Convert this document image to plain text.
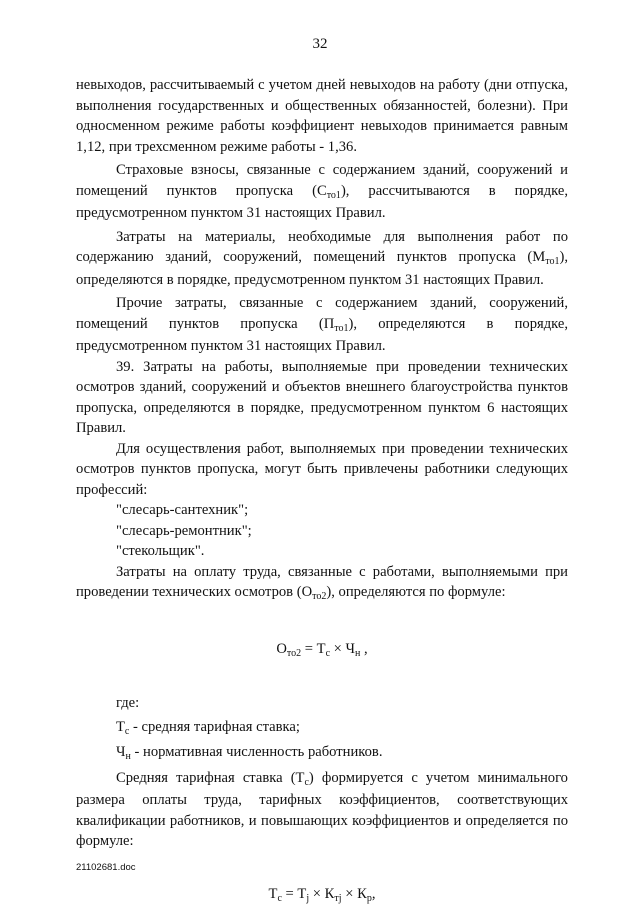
32

невыходов, рассчитываемый с учетом дней невыходов на работу (дни отпуска, выполнения государственных и общественных обязанностей, болезни). При односменном режиме работы коэффициент невыходов принимается равным 1,12, при трехсменном режиме работы - 1,36.

Страховые взносы, связанные с содержанием зданий, сооружений и помещений пунктов пропуска $(С_{то1})$, рассчитываются в порядке, предусмотренном пунктом 31 настоящих Правил.

Затраты на материалы, необходимые для выполнения работ по содержанию зданий, сооружений, помещений пунктов пропуска $(М_{то1})$, определяются в порядке, предусмотренном пунктом 31 настоящих Правил.

Прочие затраты, связанные с содержанием зданий, сооружений, помещений пунктов пропуска $(П_{то1})$, определяются в порядке, предусмотренном пунктом 31 настоящих Правил.

39. Затраты на работы, выполняемые при проведении технических осмотров зданий, сооружений и объектов внешнего благоустройства пунктов пропуска, определяются в порядке, предусмотренном пунктом 6 настоящих Правил.

Для осуществления работ, выполняемых при проведении технических осмотров пунктов пропуска, могут быть привлечены работники следующих профессий:

"слесарь-сантехник";

"слесарь-ремонтник";

"стекольщик".

Затраты на оплату труда, связанные с работами, выполняемыми при проведении технических осмотров $(О_{то2})$, определяются по формуле:

$О_{то2} = Т_с \times Ч_н$ ,

где:

$Т_с$ - средняя тарифная ставка;

$Ч_н$ - нормативная численность работников.

Средняя тарифная ставка $(Т_с)$ формируется с учетом минимального размера оплаты труда, тарифных коэффициентов, соответствующих квалификации работников, и повышающих коэффициентов и определяется по формуле:

$Т_с = Т_j \times К_{тj} \times К_р$,

21102681.doc
